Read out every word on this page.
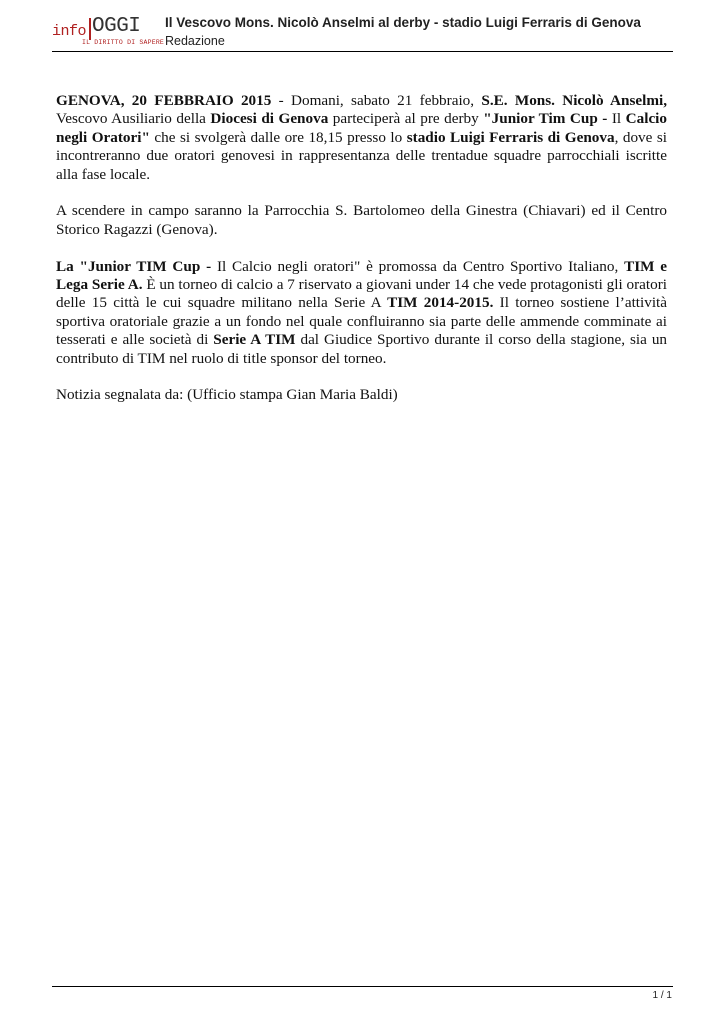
info OGGI
IL DIRITTO DI SAPERE
Il Vescovo Mons. Nicolò Anselmi al derby - stadio Luigi Ferraris di Genova
Redazione

GENOVA, 20 FEBBRAIO 2015 - Domani, sabato 21 febbraio, S.E. Mons. Nicolò Anselmi, Vescovo Ausiliario della Diocesi di Genova parteciperà al pre derby "Junior Tim Cup - Il Calcio negli Oratori" che si svolgerà dalle ore 18,15 presso lo stadio Luigi Ferraris di Genova, dove si incontreranno due oratori genovesi in rappresentanza delle trentadue squadre parrocchiali iscritte alla fase locale.

A scendere in campo saranno la Parrocchia S. Bartolomeo della Ginestra (Chiavari) ed il Centro Storico Ragazzi (Genova).

La "Junior TIM Cup - Il Calcio negli oratori" è promossa da Centro Sportivo Italiano, TIM e Lega Serie A. È un torneo di calcio a 7 riservato a giovani under 14 che vede protagonisti gli oratori delle 15 città le cui squadre militano nella Serie A TIM 2014-2015. Il torneo sostiene l’attività sportiva oratoriale grazie a un fondo nel quale confluiranno sia parte delle ammende comminate ai tesserati e alle società di Serie A TIM dal Giudice Sportivo durante il corso della stagione, sia un contributo di TIM nel ruolo di title sponsor del torneo.

Notizia segnalata da: (Ufficio stampa Gian Maria Baldi)

1 / 1
